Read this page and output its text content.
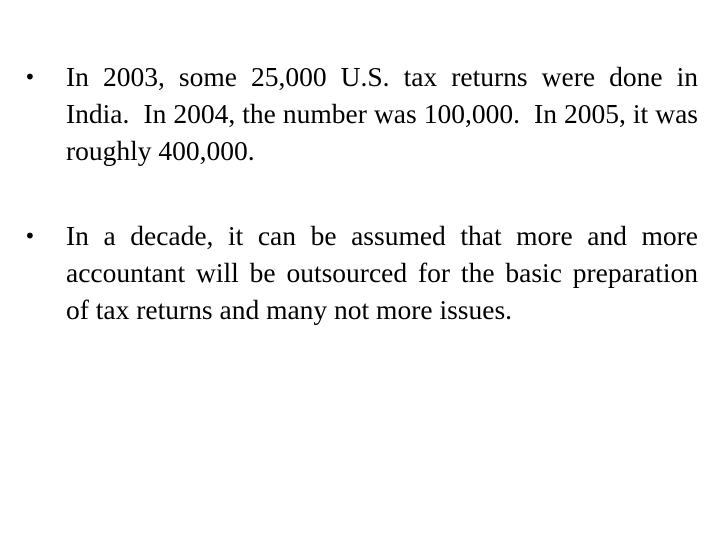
• In 2003, some 25,000 U.S. tax returns were done in India.  In 2004, the number was 100,000.  In 2005, it was roughly 400,000.
• In a decade, it can be assumed that more and more accountant will be outsourced for the basic preparation of tax returns and many not more issues.
